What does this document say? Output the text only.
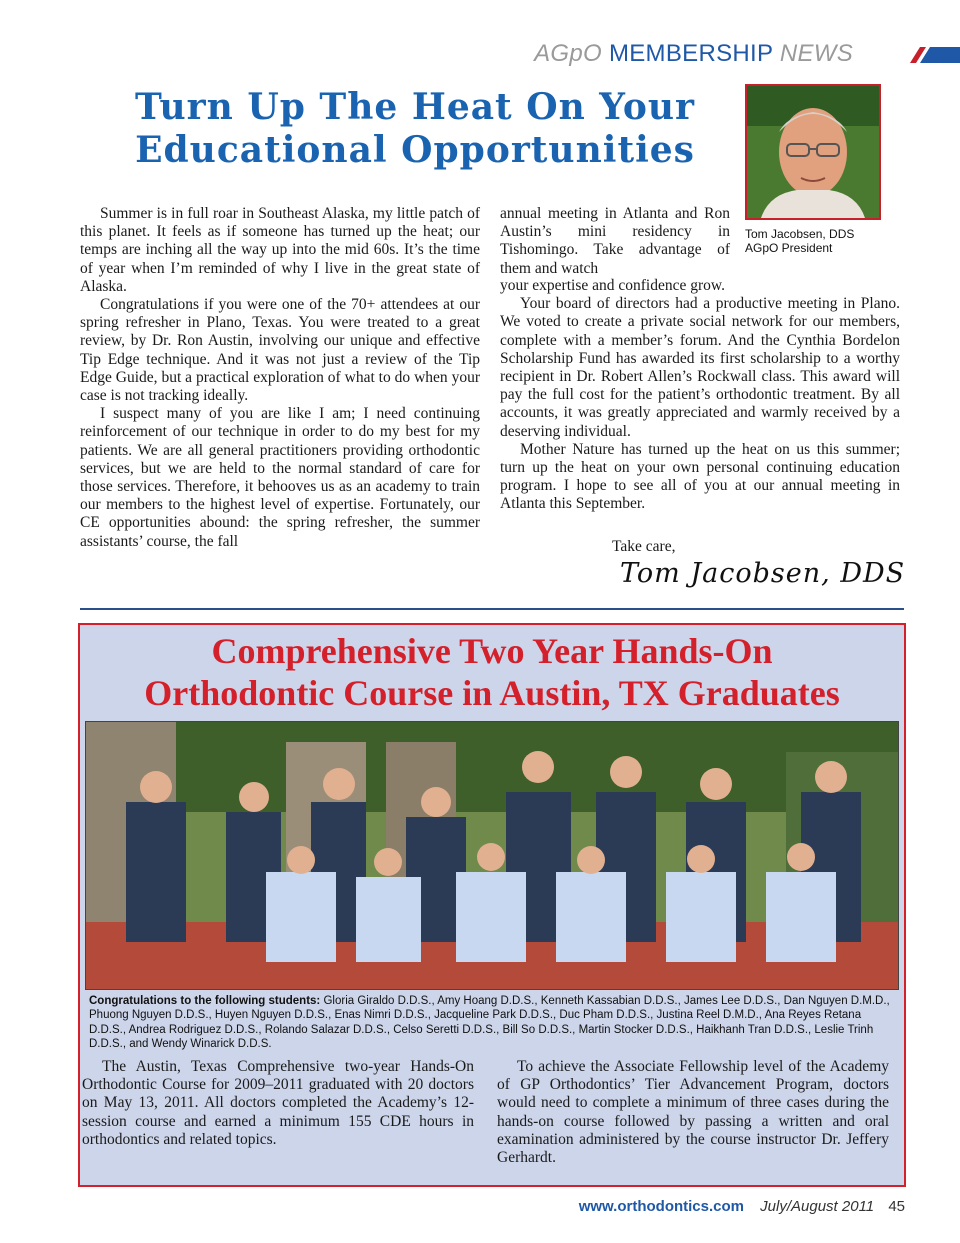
AGpO MEMBERSHIP NEWS
Turn Up The Heat On Your
Educational Opportunities
Tom Jacobsen, DDS
AGpO President

Summer is in full roar in Southeast Alaska, my little patch of this planet. It feels as if someone has turned up the heat; our temps are inching all the way up into the mid 60s. It’s the time of year when I’m reminded of why I live in the great state of Alaska.

Congratulations if you were one of the 70+ attendees at our spring refresher in Plano, Texas. You were treated to a great review, by Dr. Ron Austin, involving our unique and effective Tip Edge technique. And it was not just a review of the Tip Edge Guide, but a practical exploration of what to do when your case is not tracking ideally.

I suspect many of you are like I am; I need continuing reinforcement of our technique in order to do my best for my patients. We are all general practitioners providing orthodontic services, but we are held to the normal standard of care for those services. Therefore, it behooves us as an academy to train our members to the highest level of expertise. Fortunately, our CE opportunities abound: the spring refresher, the summer assistants’ course, the fall

annual meeting in Atlanta and Ron Austin’s mini residency in Tishomingo. Take advantage of them and watch

your expertise and confidence grow.

Your board of directors had a productive meeting in Plano. We voted to create a private social network for our members, complete with a member’s forum. And the Cynthia Bordelon Scholarship Fund has awarded its first scholarship to a worthy recipient in Dr. Robert Allen’s Rockwall class. This award will pay the full cost for the patient’s orthodontic treatment. By all accounts, it was greatly appreciated and warmly received by a deserving individual.

Mother Nature has turned up the heat on us this summer; turn up the heat on your own personal continuing education program. I hope to see all of you at our annual meeting in Atlanta this September.

Take care,
Tom Jacobsen, DDS
Comprehensive Two Year Hands-On
Orthodontic Course in Austin, TX Graduates
Congratulations to the following students: Gloria Giraldo D.D.S., Amy Hoang D.D.S., Kenneth Kassabian D.D.S., James Lee D.D.S., Dan Nguyen D.M.D., Phuong Nguyen D.D.S., Huyen Nguyen D.D.S., Enas Nimri D.D.S., Jacqueline Park D.D.S., Duc Pham D.D.S., Justina Reel D.M.D., Ana Reyes Retana D.D.S., Andrea Rodriguez D.D.S., Rolando Salazar D.D.S., Celso Seretti D.D.S., Bill So D.D.S., Martin Stocker D.D.S., Haikhanh Tran D.D.S., Leslie Trinh D.D.S., and Wendy Winarick D.D.S.

The Austin, Texas Comprehensive two-year Hands-On Orthodontic Course for 2009–2011 graduated with 20 doctors on May 13, 2011. All doctors completed the Academy’s 12-session course and earned a minimum 155 CDE hours in orthodontics and related topics.

To achieve the Associate Fellowship level of the Academy of GP Orthodontics’ Tier Advancement Program, doctors would need to complete a minimum of three cases during the hands-on course followed by passing a written and oral examination administered by the course instructor Dr. Jeffery Gerhardt.

www.orthodontics.com July/August 2011 45
